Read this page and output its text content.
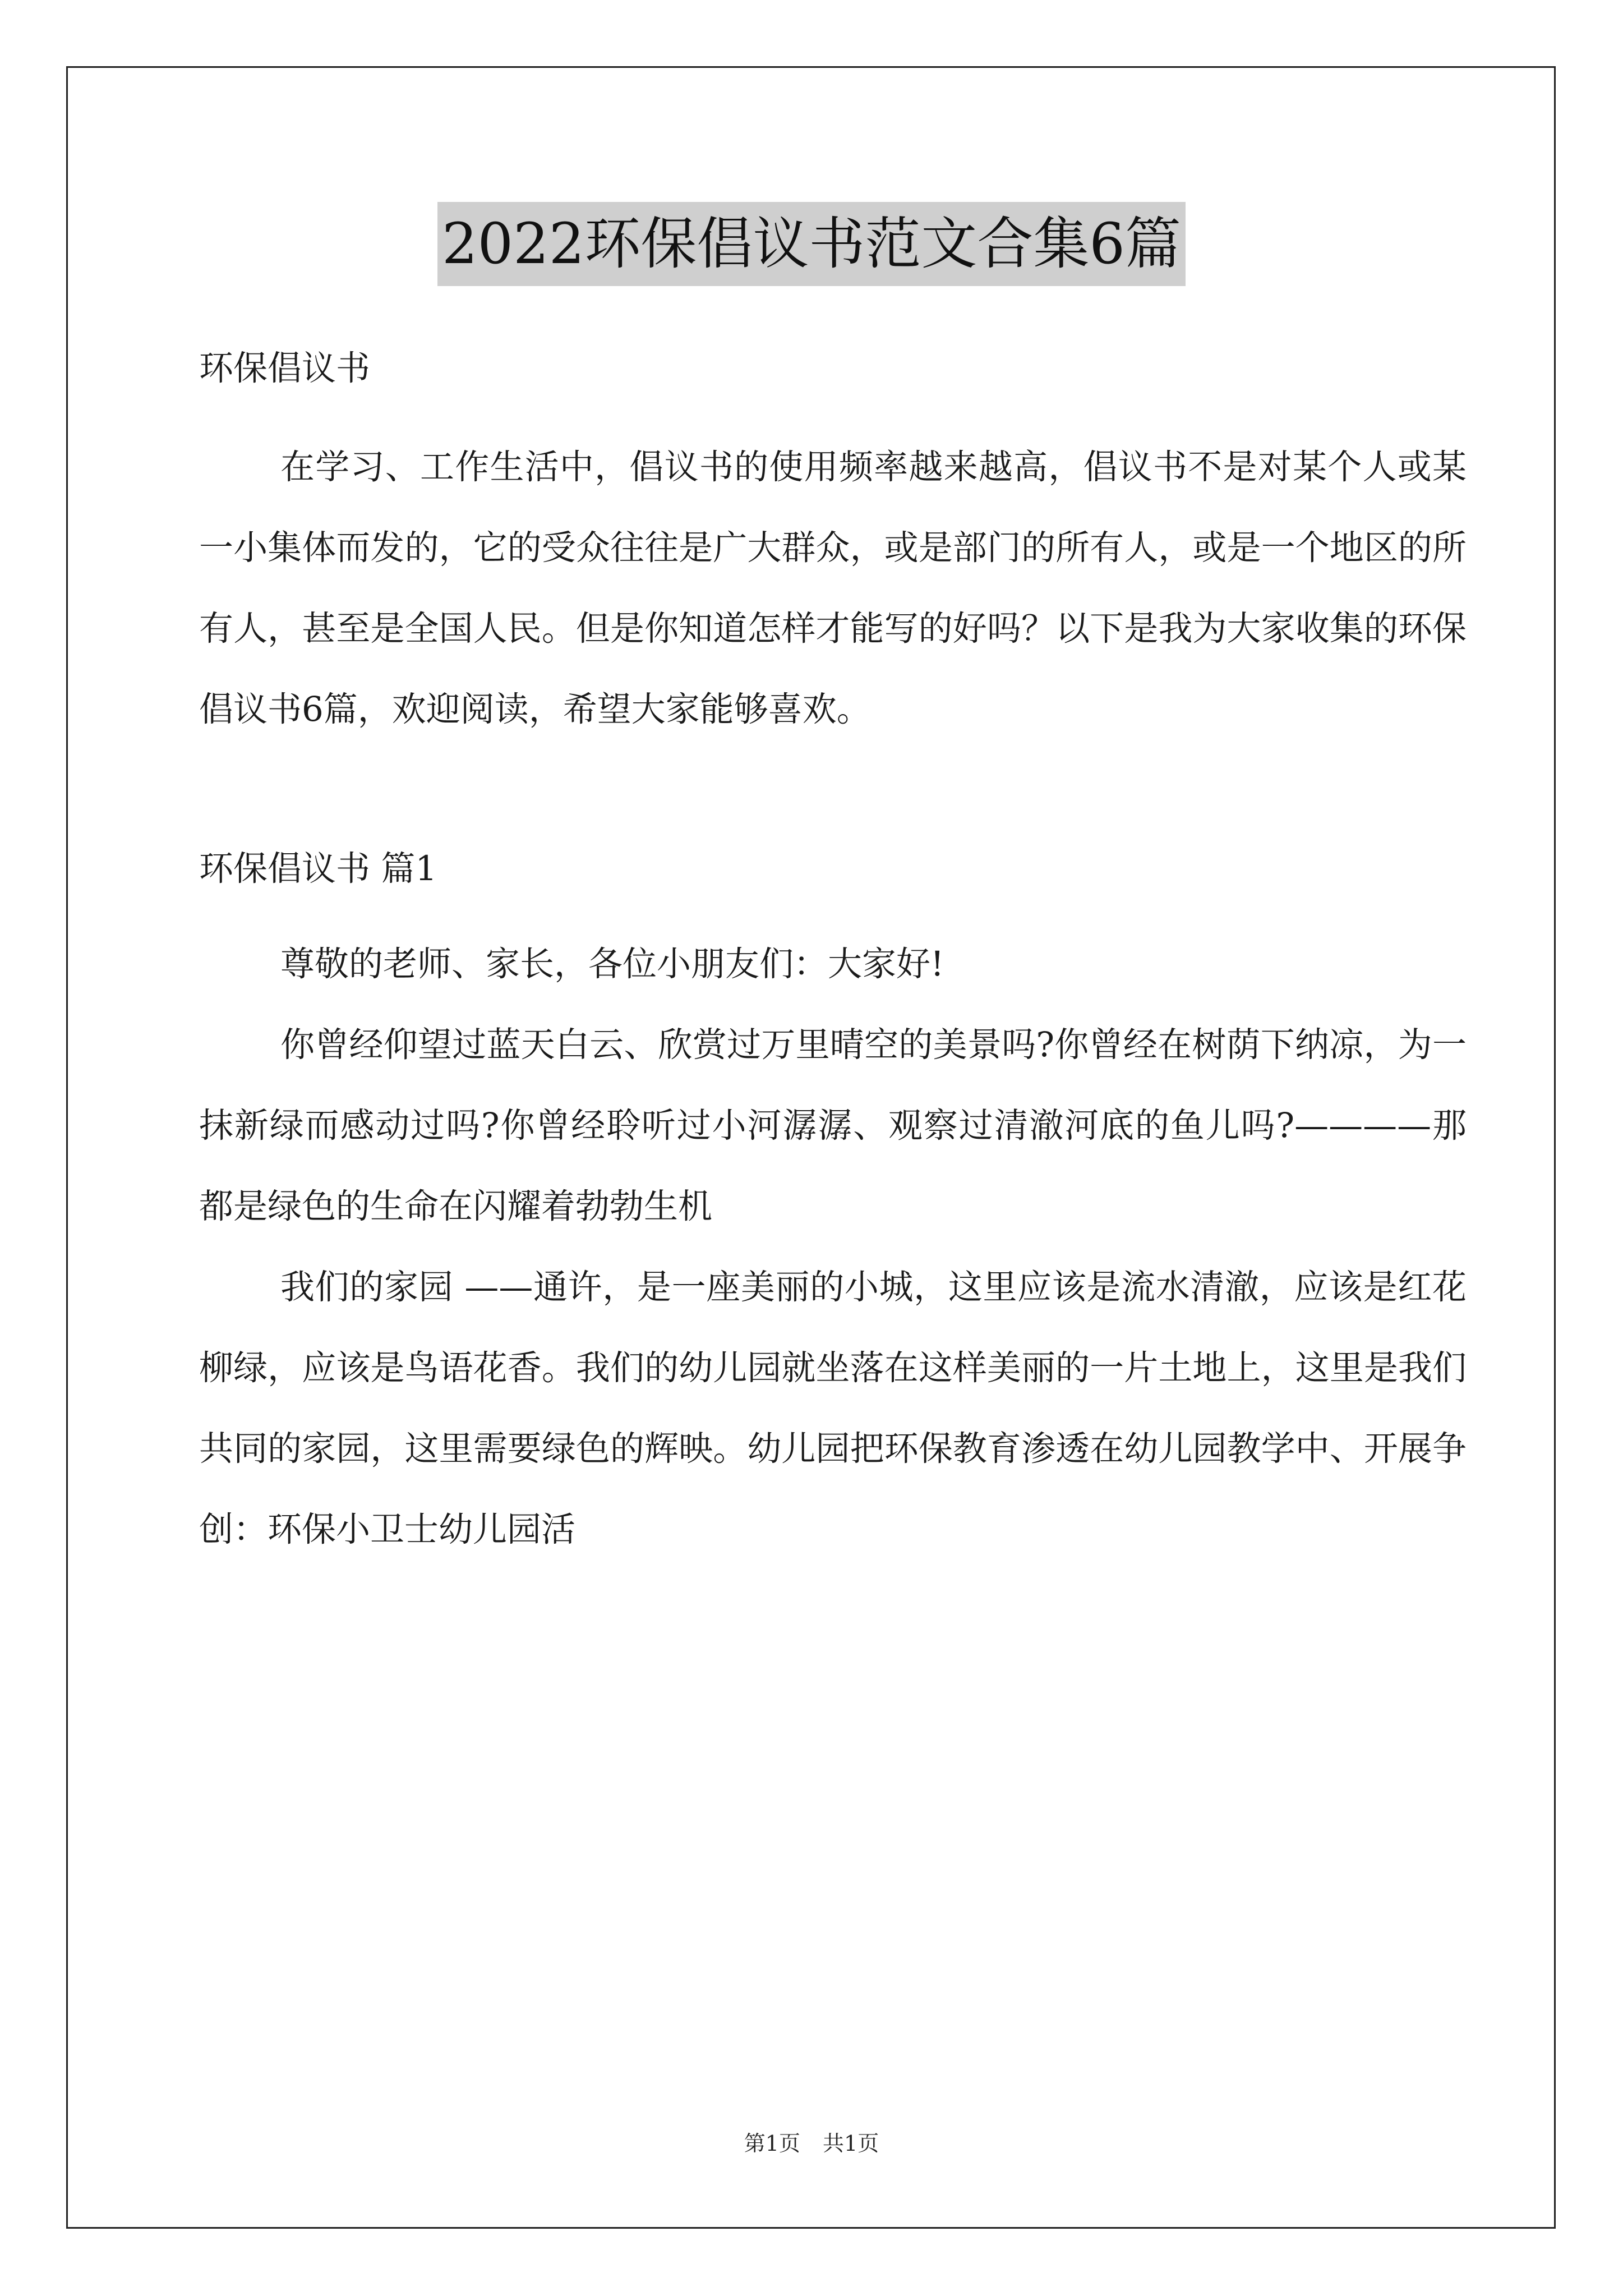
2022环保倡议书范文合集6篇

环保倡议书

在学习、工作生活中，倡议书的使用频率越来越高，倡议书不是对某个人或某一小集体而发的，它的受众往往是广大群众，或是部门的所有人，或是一个地区的所有人，甚至是全国人民。但是你知道怎样才能写的好吗？以下是我为大家收集的环保倡议书6篇，欢迎阅读，希望大家能够喜欢。

环保倡议书 篇1

尊敬的老师、家长，各位小朋友们：大家好!

你曾经仰望过蓝天白云、欣赏过万里晴空的美景吗?你曾经在树荫下纳凉，为一抹新绿而感动过吗?你曾经聆听过小河潺潺、观察过清澈河底的鱼儿吗?————那都是绿色的生命在闪耀着勃勃生机

我们的家园 ——通许，是一座美丽的小城，这里应该是流水清澈，应该是红花柳绿，应该是鸟语花香。我们的幼儿园就坐落在这样美丽的一片土地上，这里是我们共同的家园，这里需要绿色的辉映。幼儿园把环保教育渗透在幼儿园教学中、开展争创：环保小卫士幼儿园活

第1页 共1页
